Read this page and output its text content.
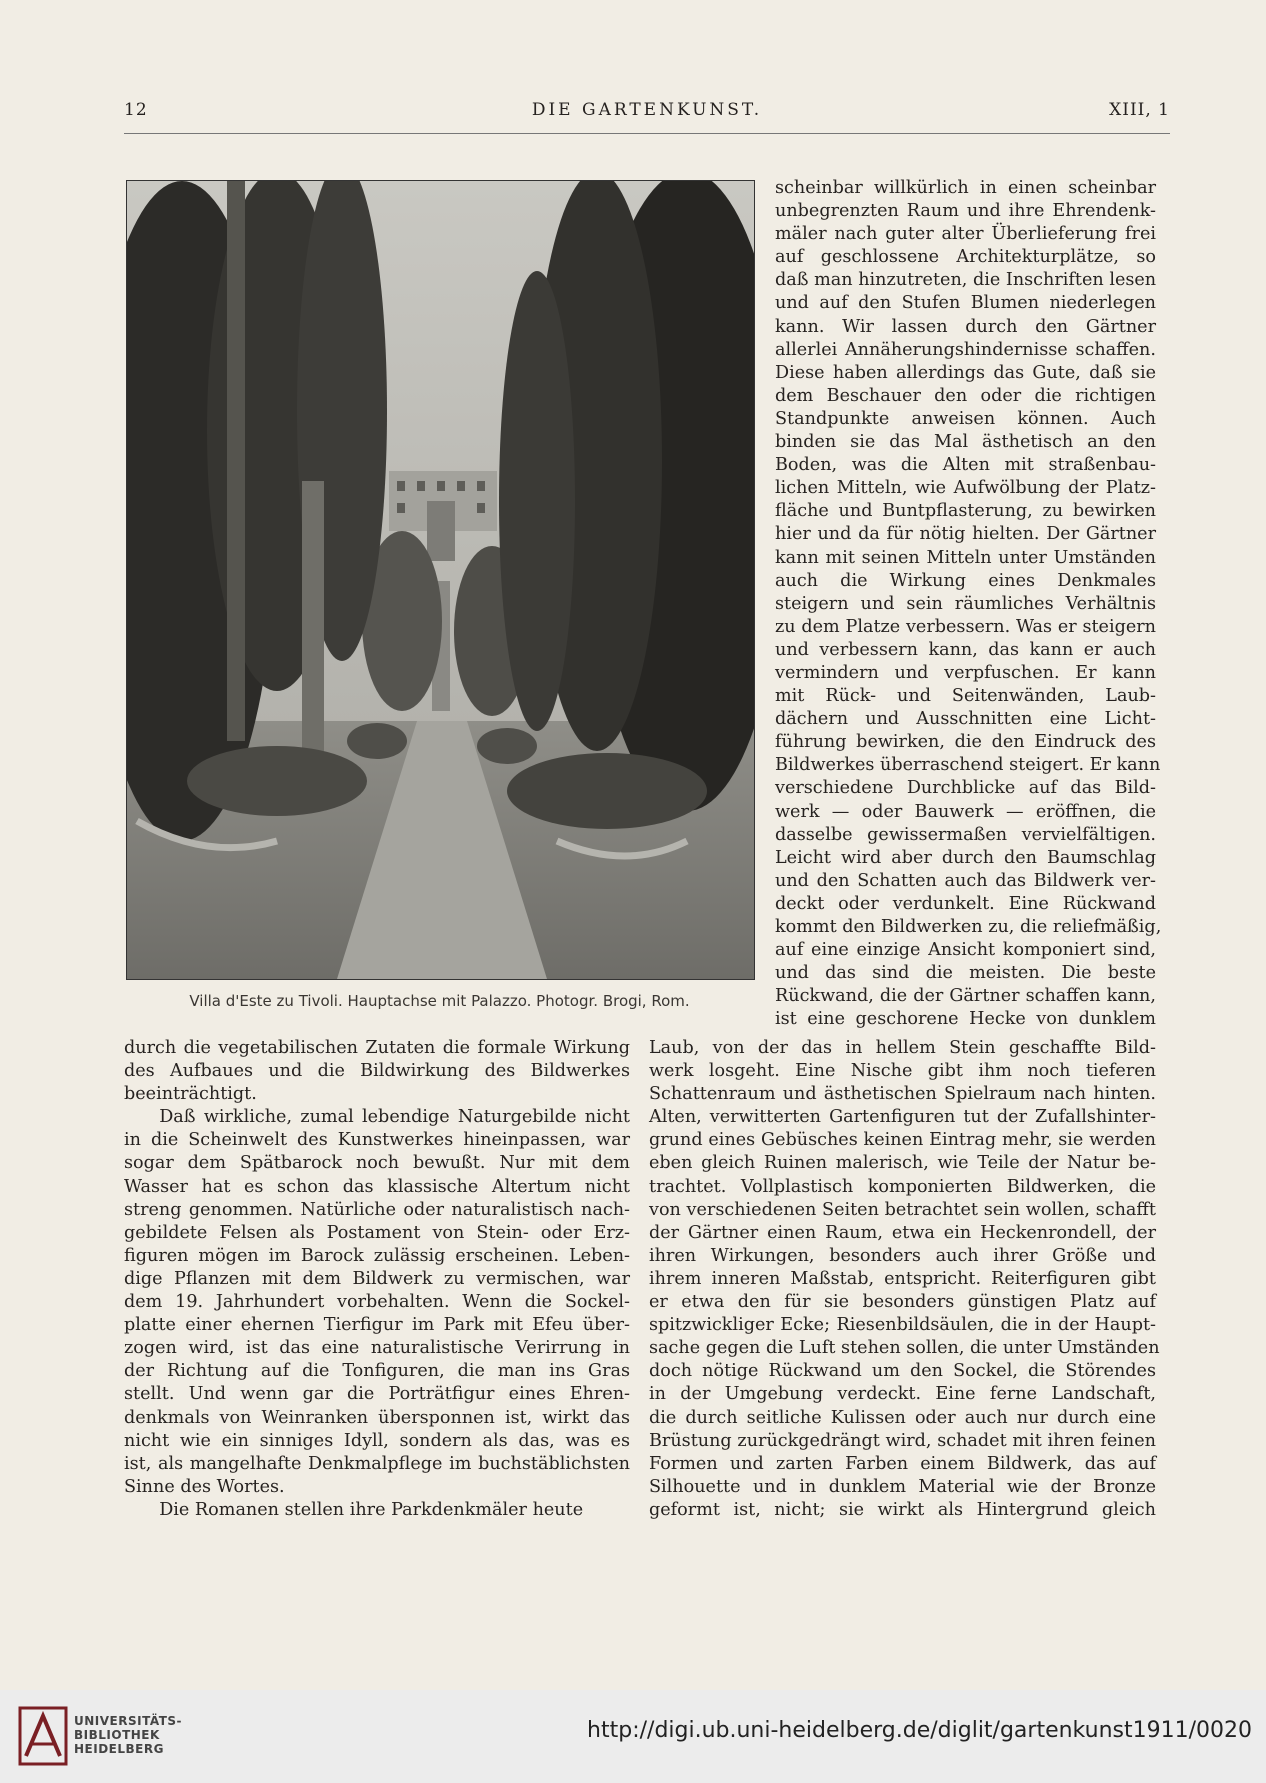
12	DIE GARTENKUNST.	XIII, 1
Villa d'Este zu Tivoli. Hauptachse mit Palazzo. Photogr. Brogi, Rom.
scheinbar willkürlich in einen scheinbar
unbegrenzten Raum und ihre Ehrendenk-
mäler nach guter alter Überlieferung frei
auf geschlossene Architekturplätze, so
daß man hinzutreten, die Inschriften lesen
und auf den Stufen Blumen niederlegen
kann. Wir lassen durch den Gärtner
allerlei Annäherungshindernisse schaffen.
Diese haben allerdings das Gute, daß sie
dem Beschauer den oder die richtigen
Standpunkte anweisen können. Auch
binden sie das Mal ästhetisch an den
Boden, was die Alten mit straßenbau-
lichen Mitteln, wie Aufwölbung der Platz-
fläche und Buntpflasterung, zu bewirken
hier und da für nötig hielten. Der Gärtner
kann mit seinen Mitteln unter Umständen
auch die Wirkung eines Denkmales
steigern und sein räumliches Verhältnis
zu dem Platze verbessern. Was er steigern
und verbessern kann, das kann er auch
vermindern und verpfuschen. Er kann
mit Rück- und Seitenwänden, Laub-
dächern und Ausschnitten eine Licht-
führung bewirken, die den Eindruck des
Bildwerkes überraschend steigert. Er kann
verschiedene Durchblicke auf das Bild-
werk — oder Bauwerk — eröffnen, die
dasselbe gewissermaßen vervielfältigen.
Leicht wird aber durch den Baumschlag
und den Schatten auch das Bildwerk ver-
deckt oder verdunkelt. Eine Rückwand
kommt den Bildwerken zu, die reliefmäßig,
auf eine einzige Ansicht komponiert sind,
und das sind die meisten. Die beste
Rückwand, die der Gärtner schaffen kann,
ist eine geschorene Hecke von dunklem
durch die vegetabilischen Zutaten die formale Wirkung
des Aufbaues und die Bildwirkung des Bildwerkes
beeinträchtigt.
  Daß wirkliche, zumal lebendige Naturgebilde nicht
in die Scheinwelt des Kunstwerkes hineinpassen, war
sogar dem Spätbarock noch bewußt. Nur mit dem
Wasser hat es schon das klassische Altertum nicht
streng genommen. Natürliche oder naturalistisch nach-
gebildete Felsen als Postament von Stein- oder Erz-
figuren mögen im Barock zulässig erscheinen. Leben-
dige Pflanzen mit dem Bildwerk zu vermischen, war
dem 19. Jahrhundert vorbehalten. Wenn die Sockel-
platte einer ehernen Tierfigur im Park mit Efeu über-
zogen wird, ist das eine naturalistische Verirrung in
der Richtung auf die Tonfiguren, die man ins Gras
stellt. Und wenn gar die Porträtfigur eines Ehren-
denkmals von Weinranken übersponnen ist, wirkt das
nicht wie ein sinniges Idyll, sondern als das, was es
ist, als mangelhafte Denkmalpflege im buchstäblichsten
Sinne des Wortes.
  Die Romanen stellen ihre Parkdenkmäler heute
Laub, von der das in hellem Stein geschaffte Bild-
werk losgeht. Eine Nische gibt ihm noch tieferen
Schattenraum und ästhetischen Spielraum nach hinten.
Alten, verwitterten Gartenfiguren tut der Zufallshinter-
grund eines Gebüsches keinen Eintrag mehr, sie werden
eben gleich Ruinen malerisch, wie Teile der Natur be-
trachtet. Vollplastisch komponierten Bildwerken, die
von verschiedenen Seiten betrachtet sein wollen, schafft
der Gärtner einen Raum, etwa ein Heckenrondell, der
ihren Wirkungen, besonders auch ihrer Größe und
ihrem inneren Maßstab, entspricht. Reiterfiguren gibt
er etwa den für sie besonders günstigen Platz auf
spitzwickliger Ecke; Riesenbildsäulen, die in der Haupt-
sache gegen die Luft stehen sollen, die unter Umständen
doch nötige Rückwand um den Sockel, die Störendes
in der Umgebung verdeckt. Eine ferne Landschaft,
die durch seitliche Kulissen oder auch nur durch eine
Brüstung zurückgedrängt wird, schadet mit ihren feinen
Formen und zarten Farben einem Bildwerk, das auf
Silhouette und in dunklem Material wie der Bronze
geformt ist, nicht; sie wirkt als Hintergrund gleich
UNIVERSITÄTS-
BIBLIOTHEK
HEIDELBERG
http://digi.ub.uni-heidelberg.de/diglit/gartenkunst1911/0020
